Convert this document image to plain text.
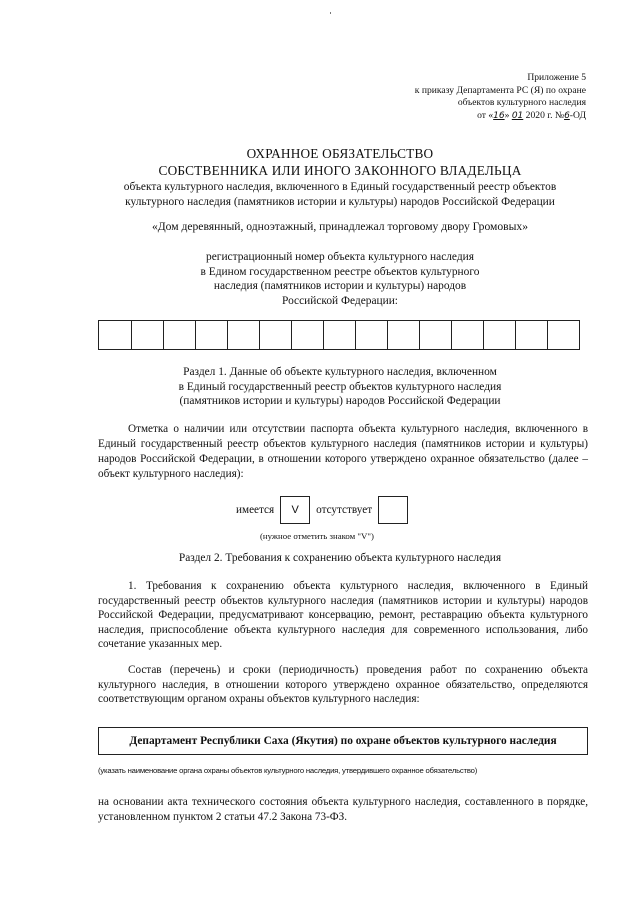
Приложение 5
к приказу Департамента РС (Я) по охране
объектов культурного наследия
от «16» 01 2020 г. №6-ОД
ОХРАННОЕ ОБЯЗАТЕЛЬСТВО
СОБСТВЕННИКА ИЛИ ИНОГО ЗАКОННОГО ВЛАДЕЛЬЦА
объекта культурного наследия, включенного в Единый государственный реестр объектов
культурного наследия (памятников истории и культуры) народов Российской Федерации
«Дом деревянный, одноэтажный, принадлежал торговому двору Громовых»
регистрационный номер объекта культурного наследия
в Едином государственном реестре объектов культурного
наследия (памятников истории и культуры) народов
Российской Федерации:
Раздел 1. Данные об объекте культурного наследия, включенном
в Единый государственный реестр объектов культурного наследия
(памятников истории и культуры) народов Российской Федерации
Отметка о наличии или отсутствии паспорта объекта культурного наследия, включенного в Единый государственный реестр объектов культурного наследия (памятников истории и культуры) народов Российской Федерации, в отношении которого утверждено охранное обязательство (далее – объект культурного наследия):
имеется	V	отсутствует
(нужное отметить знаком "V")
Раздел 2. Требования к сохранению объекта культурного наследия
1. Требования к сохранению объекта культурного наследия, включенного в Единый государственный реестр объектов культурного наследия (памятников истории и культуры) народов Российской Федерации, предусматривают консервацию, ремонт, реставрацию объекта культурного наследия, приспособление объекта культурного наследия для современного использования, либо сочетание указанных мер.
Состав (перечень) и сроки (периодичность) проведения работ по сохранению объекта культурного наследия, в отношении которого утверждено охранное обязательство, определяются соответствующим органом охраны объектов культурного наследия:
Департамент Республики Саха (Якутия) по охране объектов культурного наследия
(указать наименование органа охраны объектов культурного наследия, утвердившего охранное обязательство)
на основании акта технического состояния объекта культурного наследия, составленного в порядке, установленном пунктом 2 статьи 47.2 Закона 73-ФЗ.
